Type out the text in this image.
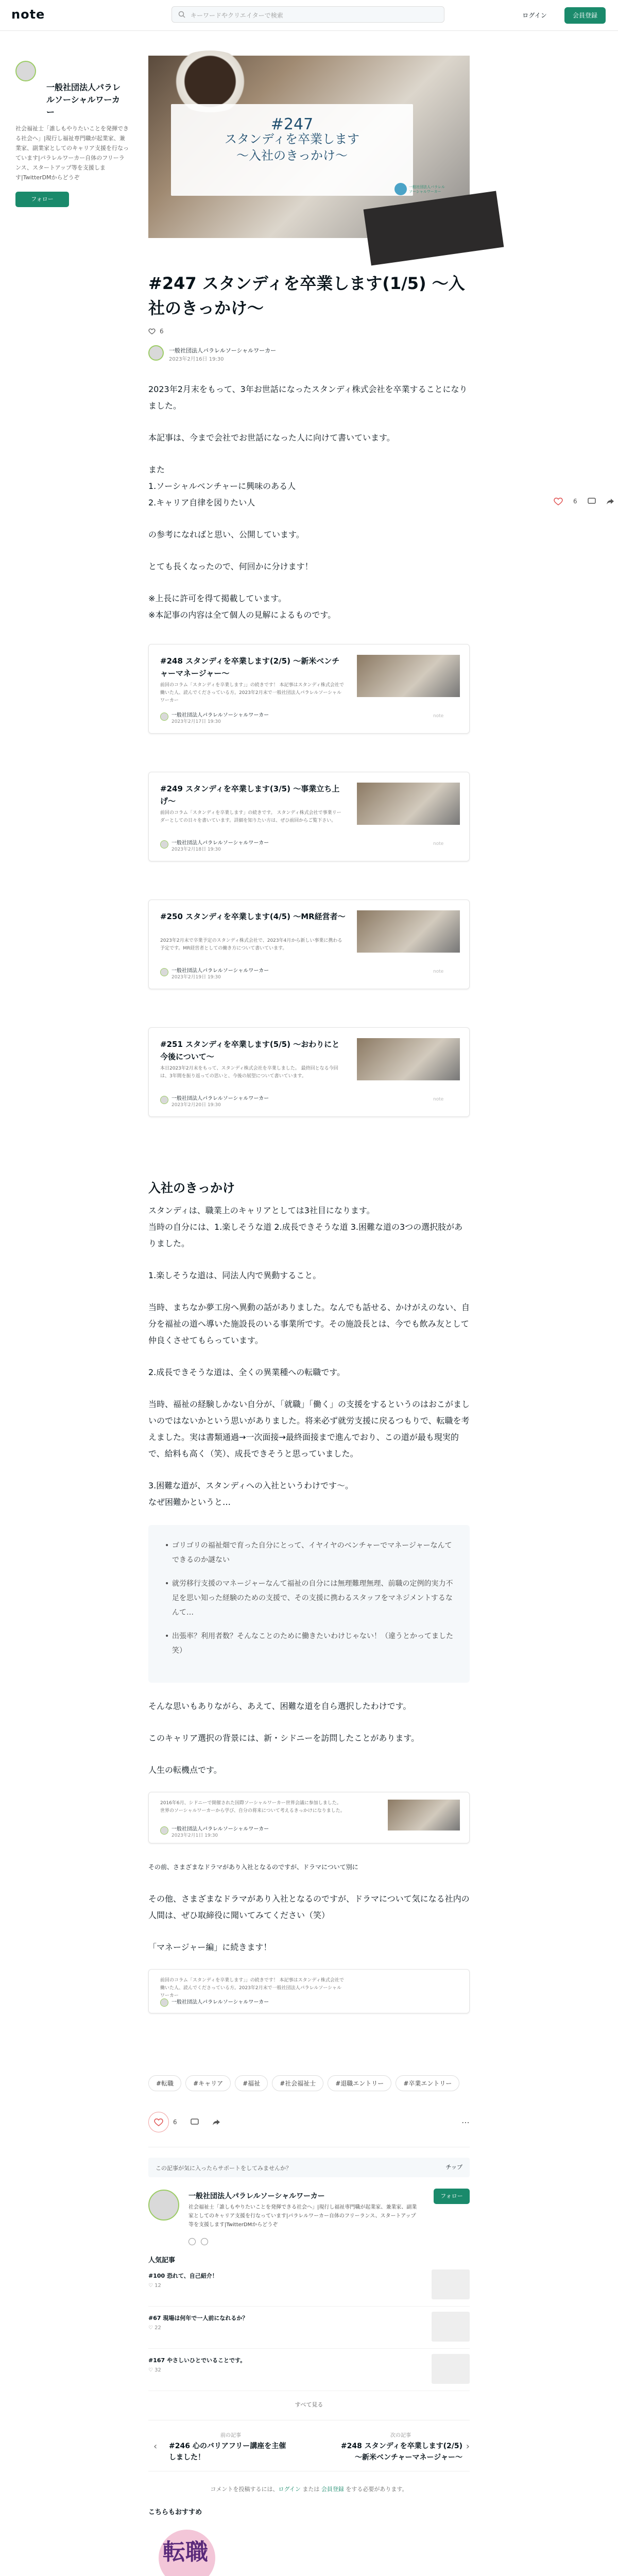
note	キーワードやクリエイターで検索	ログイン	会員登録
一般社団法人パラレルソーシャルワーカー
社会福祉士「誰しもやりたいことを発揮できる社会へ」|現行し福祉専門職が起業家、兼業家、副業家としてのキャリア支援を行なっています|パラレルワーカー自体のフリーランス、スタートアップ等を支援します|TwitterDMからどうぞ
フォロー
6
#247
スタンディを卒業します
〜入社のきっかけ〜
一般社団法人パラレルソーシャルワーカー
#247 スタンディを卒業します(1/5) 〜入社のきっかけ〜
6
一般社団法人パラレルソーシャルワーカー
2023年2月16日 19:30

2023年2月末をもって、3年お世話になったスタンディ株式会社を卒業することになりました。

本記事は、今まで会社でお世話になった人に向けて書いています。

また

1.ソーシャルベンチャーに興味のある人

2.キャリア自律を図りたい人

の参考になればと思い、公開しています。

とても長くなったので、何回かに分けます！

※上長に許可を得て掲載しています。

※本記事の内容は全て個人の見解によるものです。

#248 スタンディを卒業します(2/5) 〜新米ベンチャーマネージャー〜
前回のコラム「スタンディを卒業します」」の続きです！ 本記事はスタンディ株式会社で働いた人、読んでくださっている方。2023年2月末で一般社団法人パラレルソーシャルワーカー
一般社団法人パラレルソーシャルワーカー
2023年2月17日 19:30
note
#249 スタンディを卒業します(3/5) 〜事業立ち上げ〜
前回のコラム「スタンディを卒業します」の続きです。 スタンディ株式会社で事業リーダーとしての日々を書いています。詳細を知りたい方は、ぜひ前回からご覧下さい。
一般社団法人パラレルソーシャルワーカー
2023年2月18日 19:30
note
#250 スタンディを卒業します(4/5) 〜MR経営者〜
2023年2月末で卒業予定のスタンディ株式会社で、2023年4月から新しい事業に携わる予定です。MR経営者としての働き方について書いています。
一般社団法人パラレルソーシャルワーカー
2023年2月19日 19:30
note
#251 スタンディを卒業します(5/5) 〜おわりにと今後について〜
本日2023年2月末をもって、スタンディ株式会社を卒業しました。 最終回となる今回は、3年間を振り返っての思いと、今後の展望について書いています。
一般社団法人パラレルソーシャルワーカー
2023年2月20日 19:30
note
入社のきっかけ

スタンディは、職業上のキャリアとしては3社目になります。

当時の自分には、1.楽しそうな道 2.成長できそうな道 3.困難な道の3つの選択肢がありました。

1.楽しそうな道は、同法人内で異動すること。

当時、まちなか夢工房へ異動の話がありました。なんでも話せる、かけがえのない、自分を福祉の道へ導いた施設長のいる事業所です。その施設長とは、今でも飲み友として仲良くさせてもらっています。

2.成長できそうな道は、全くの異業種への転職です。

当時、福祉の経験しかない自分が、「就職」「働く」の支援をするというのはおこがましいのではないかという思いがありました。将来必ず就労支援に戻るつもりで、転職を考えました。実は書類通過→一次面接→最終面接まで進んでおり、この道が最も現実的で、給料も高く（笑）、成長できそうと思っていました。

3.困難な道が、スタンディへの入社というわけです～。

なぜ困難かというと…

• ゴリゴリの福祉畑で育った自分にとって、イヤイヤのベンチャーでマネージャーなんてできるのか謎ない
• 就労移行支援のマネージャーなんて福祉の自分には無理難理無理、前職の定例的実力不足を思い知った経験のための支援で、その支援に携わるスタッフをマネジメントするなんて…
• 出張率？利用者数？そんなことのために働きたいわけじゃない！（違うとかってました笑）

そんな思いもありながら、あえて、困難な道を自ら選択したわけです。

このキャリア選択の背景には、新・シドニーを訪問したことがあります。

人生の転機点です。

2016年6月、シドニーで開催された国際ソーシャルワーカー世界会議に参加しました。世界のソーシャルワーカーから学び、自分の将来について考えるきっかけになりました。
一般社団法人パラレルソーシャルワーカー
2023年2月1日 19:30

その前、さまざまなドラマがあり入社となるのですが、ドラマについて別に

その他、さまざまなドラマがあり入社となるのですが、ドラマについて気になる社内の人間は、ぜひ取締役に聞いてみてください（笑）

「マネージャー編」に続きます！

前回のコラム「スタンディを卒業します」」の続きです！ 本記事はスタンディ株式会社で働いた人、読んでくださっている方。2023年2月末で一般社団法人パラレルソーシャルワーカー
一般社団法人パラレルソーシャルワーカー
#転職	#キャリア	#福祉	#社会福祉士	#退職エントリー	#卒業エントリー
6	⋯
この記事が気に入ったらサポートをしてみませんか？	チップ
一般社団法人パラレルソーシャルワーカー
社会福祉士「誰しもやりたいことを発揮できる社会へ」|現行し福祉専門職が起業家、兼業家、副業家としてのキャリア支援を行なっています|パラレルワーカー自体のフリーランス、スタートアップ等を支援します|TwitterDMからどうぞ
フォロー
人気記事
#100 恐れて、自己紹介！
♡ 12
#67 現場は何年で一人前になれるか？
♡ 22
#167 やさしいひとでいることです。
♡ 32
すべて見る
‹
前の記事
#246 心のバリアフリー講座を主催しました！
次の記事
#248 スタンディを卒業します(2/5) 〜新米ベンチャーマネージャー〜
›
コメントを投稿するには、ログイン または 会員登録 をする必要があります。
こちらもおすすめ
転職
